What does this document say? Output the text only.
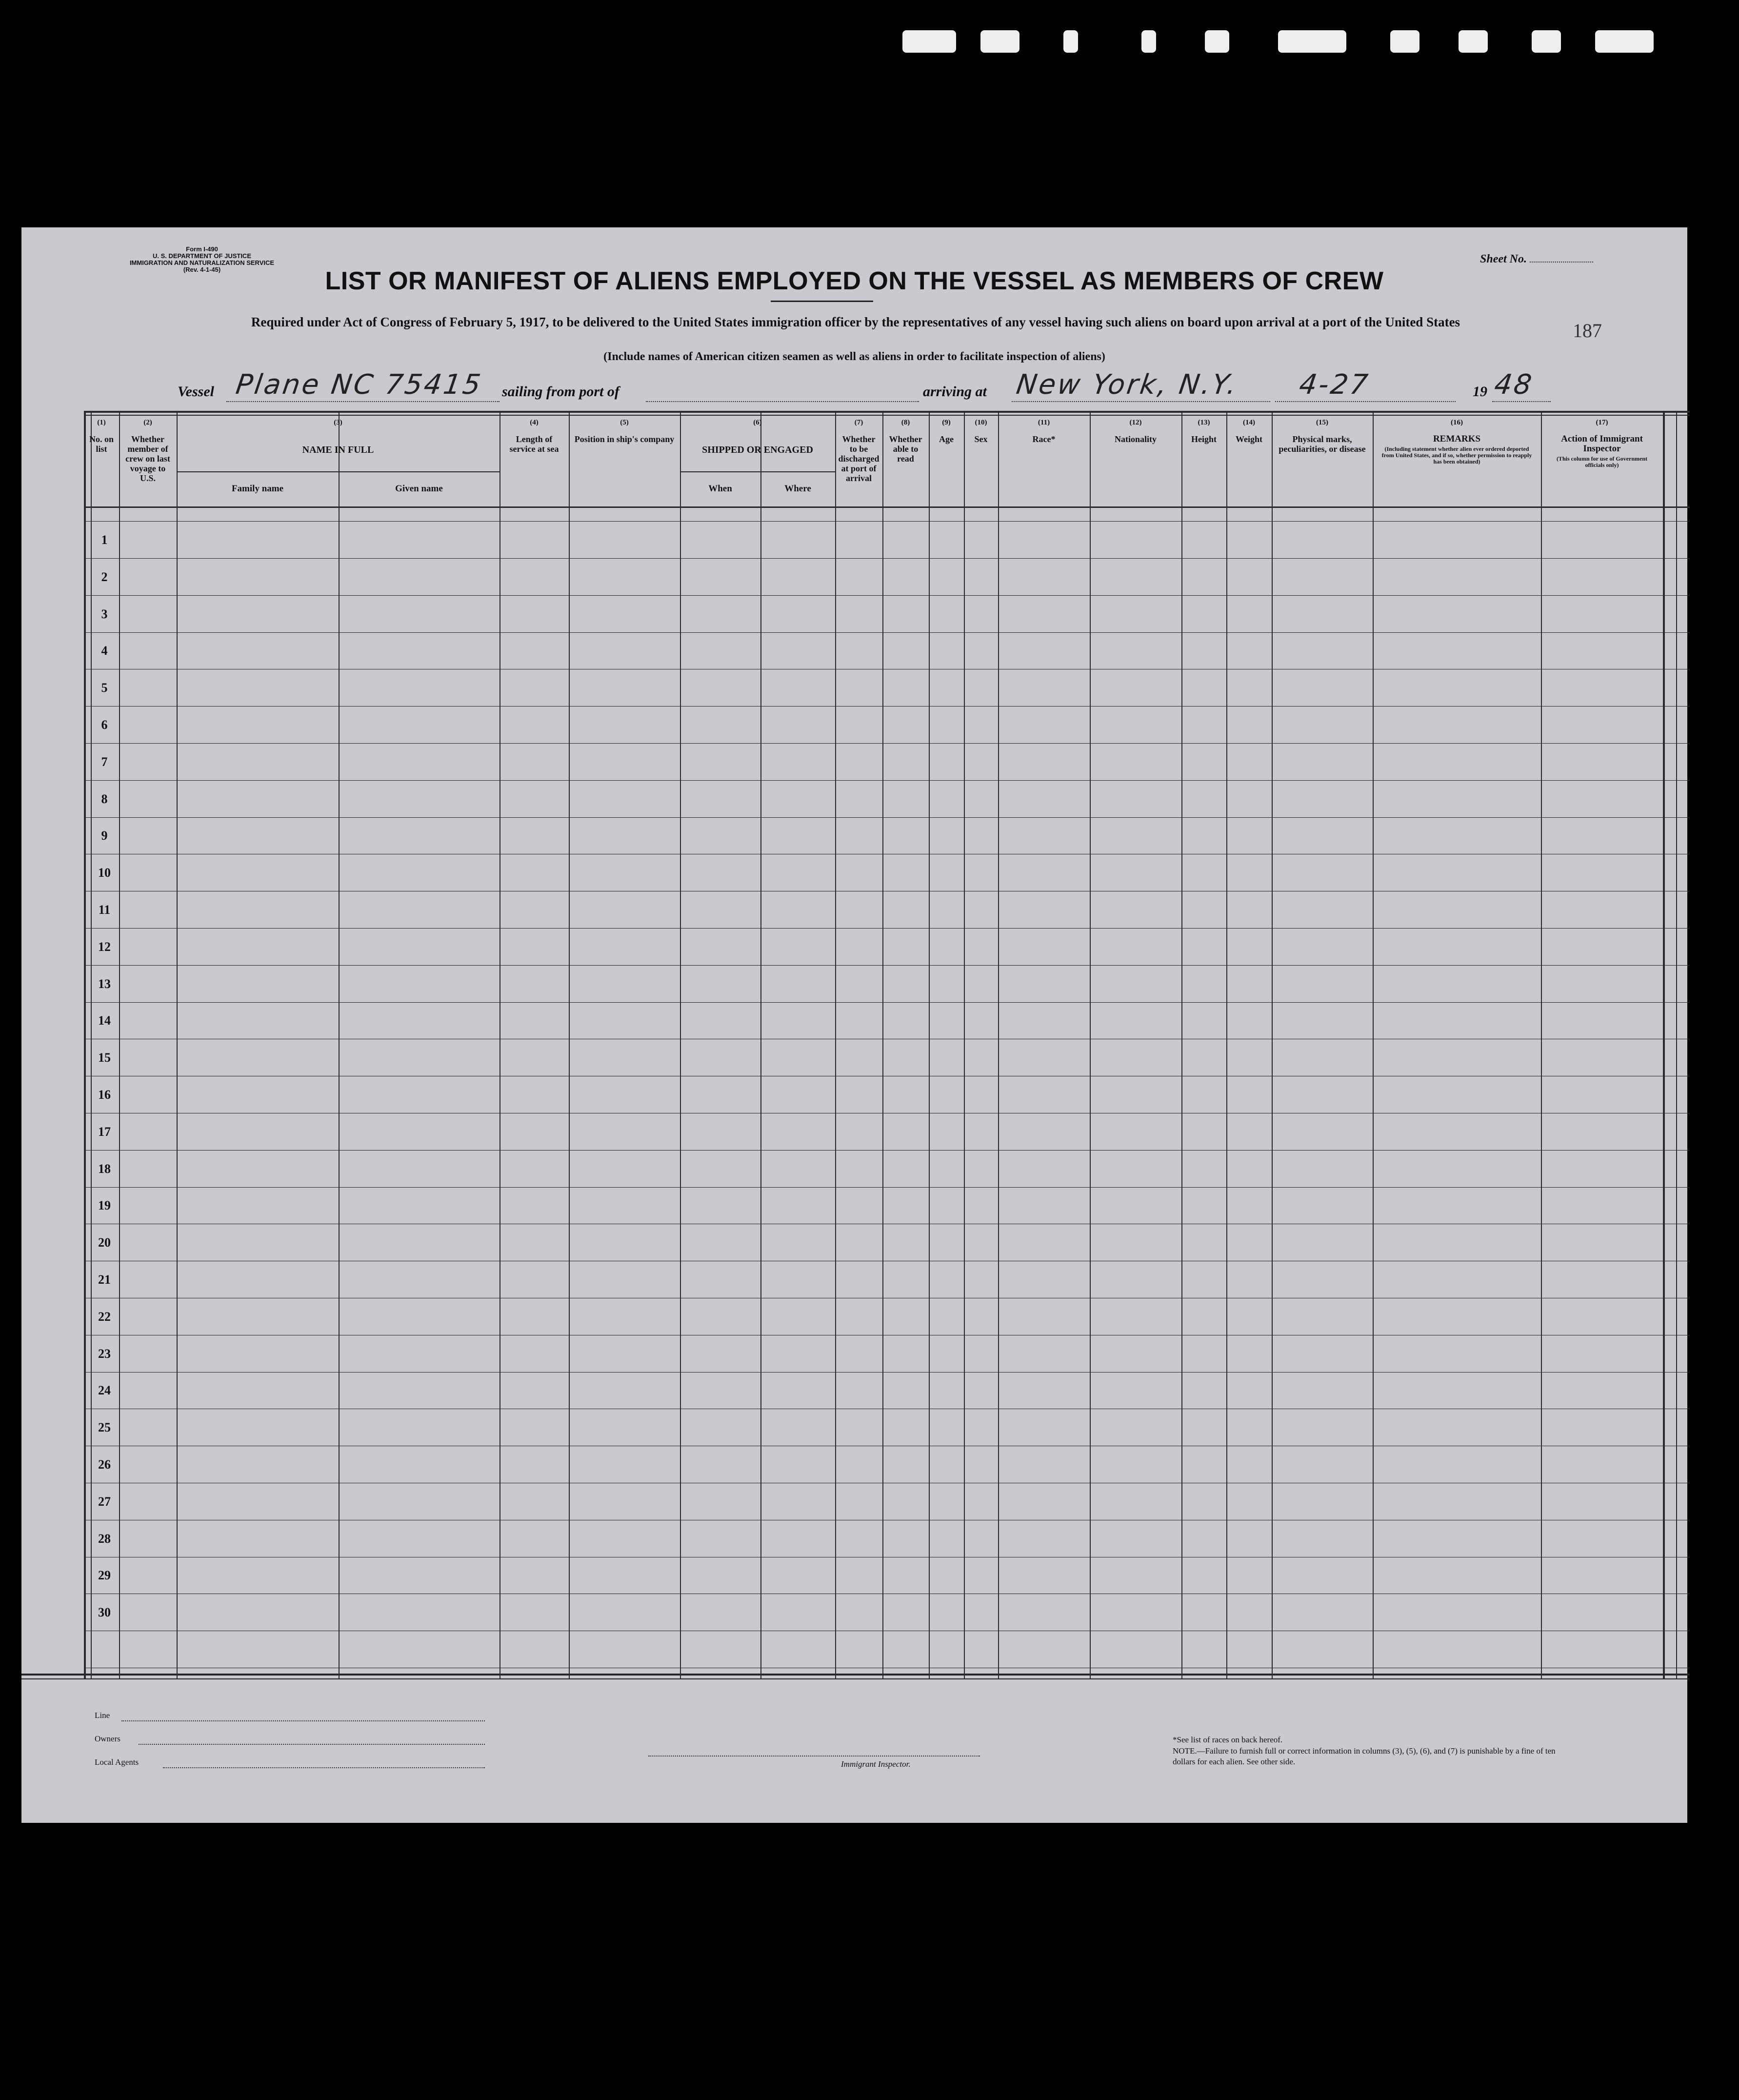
Form I-490
U. S. DEPARTMENT OF JUSTICE
IMMIGRATION AND NATURALIZATION SERVICE
(Rev. 4-1-45)
Sheet No.
LIST OR MANIFEST OF ALIENS EMPLOYED ON THE VESSEL AS MEMBERS OF CREW
Required under Act of Congress of February 5, 1917, to be delivered to the United States immigration officer by the representatives of any vessel having such aliens on board upon arrival at a port of the United States
(Include names of American citizen seamen as well as aliens in order to facilitate inspection of aliens)
187
Vessel Plane NC 75415 sailing from port of	arriving at New York, N.Y. 4-27	19 48
Line
Owners
Local Agents	Immigrant Inspector.
*See list of races on back hereof.
NOTE.—Failure to furnish full or correct information in columns (3), (5), (6), and (7) is punishable by a fine of ten dollars for each alien. See other side.
(1)
No. on list
(2)
Whether member of crew on last voyage to U.S.
(3)
NAME IN FULL
Family name	Given name
(4)
Length of service at sea
(5)
Position in ship's company
(6)
SHIPPED OR ENGAGED
When	Where
(7)
Whether to be discharged at port of arrival
(8)
Whether able to read
(9)
Age
(10)
Sex
(11)
Race*
(12)
Nationality
(13)
Height
(14)
Weight
(15)
Physical marks, peculiarities, or disease
(16)
REMARKS
(Including statement whether alien ever ordered deported from United States, and if so, whether permission to reapply has been obtained)
(17)
Action of Immigrant Inspector
(This column for use of Government officials only)
1
2
3
4
5
6
7
8
9
10
11
12
13
14
15
16
17
18
19
20
21
22
23
24
25
26
27
28
29
30
